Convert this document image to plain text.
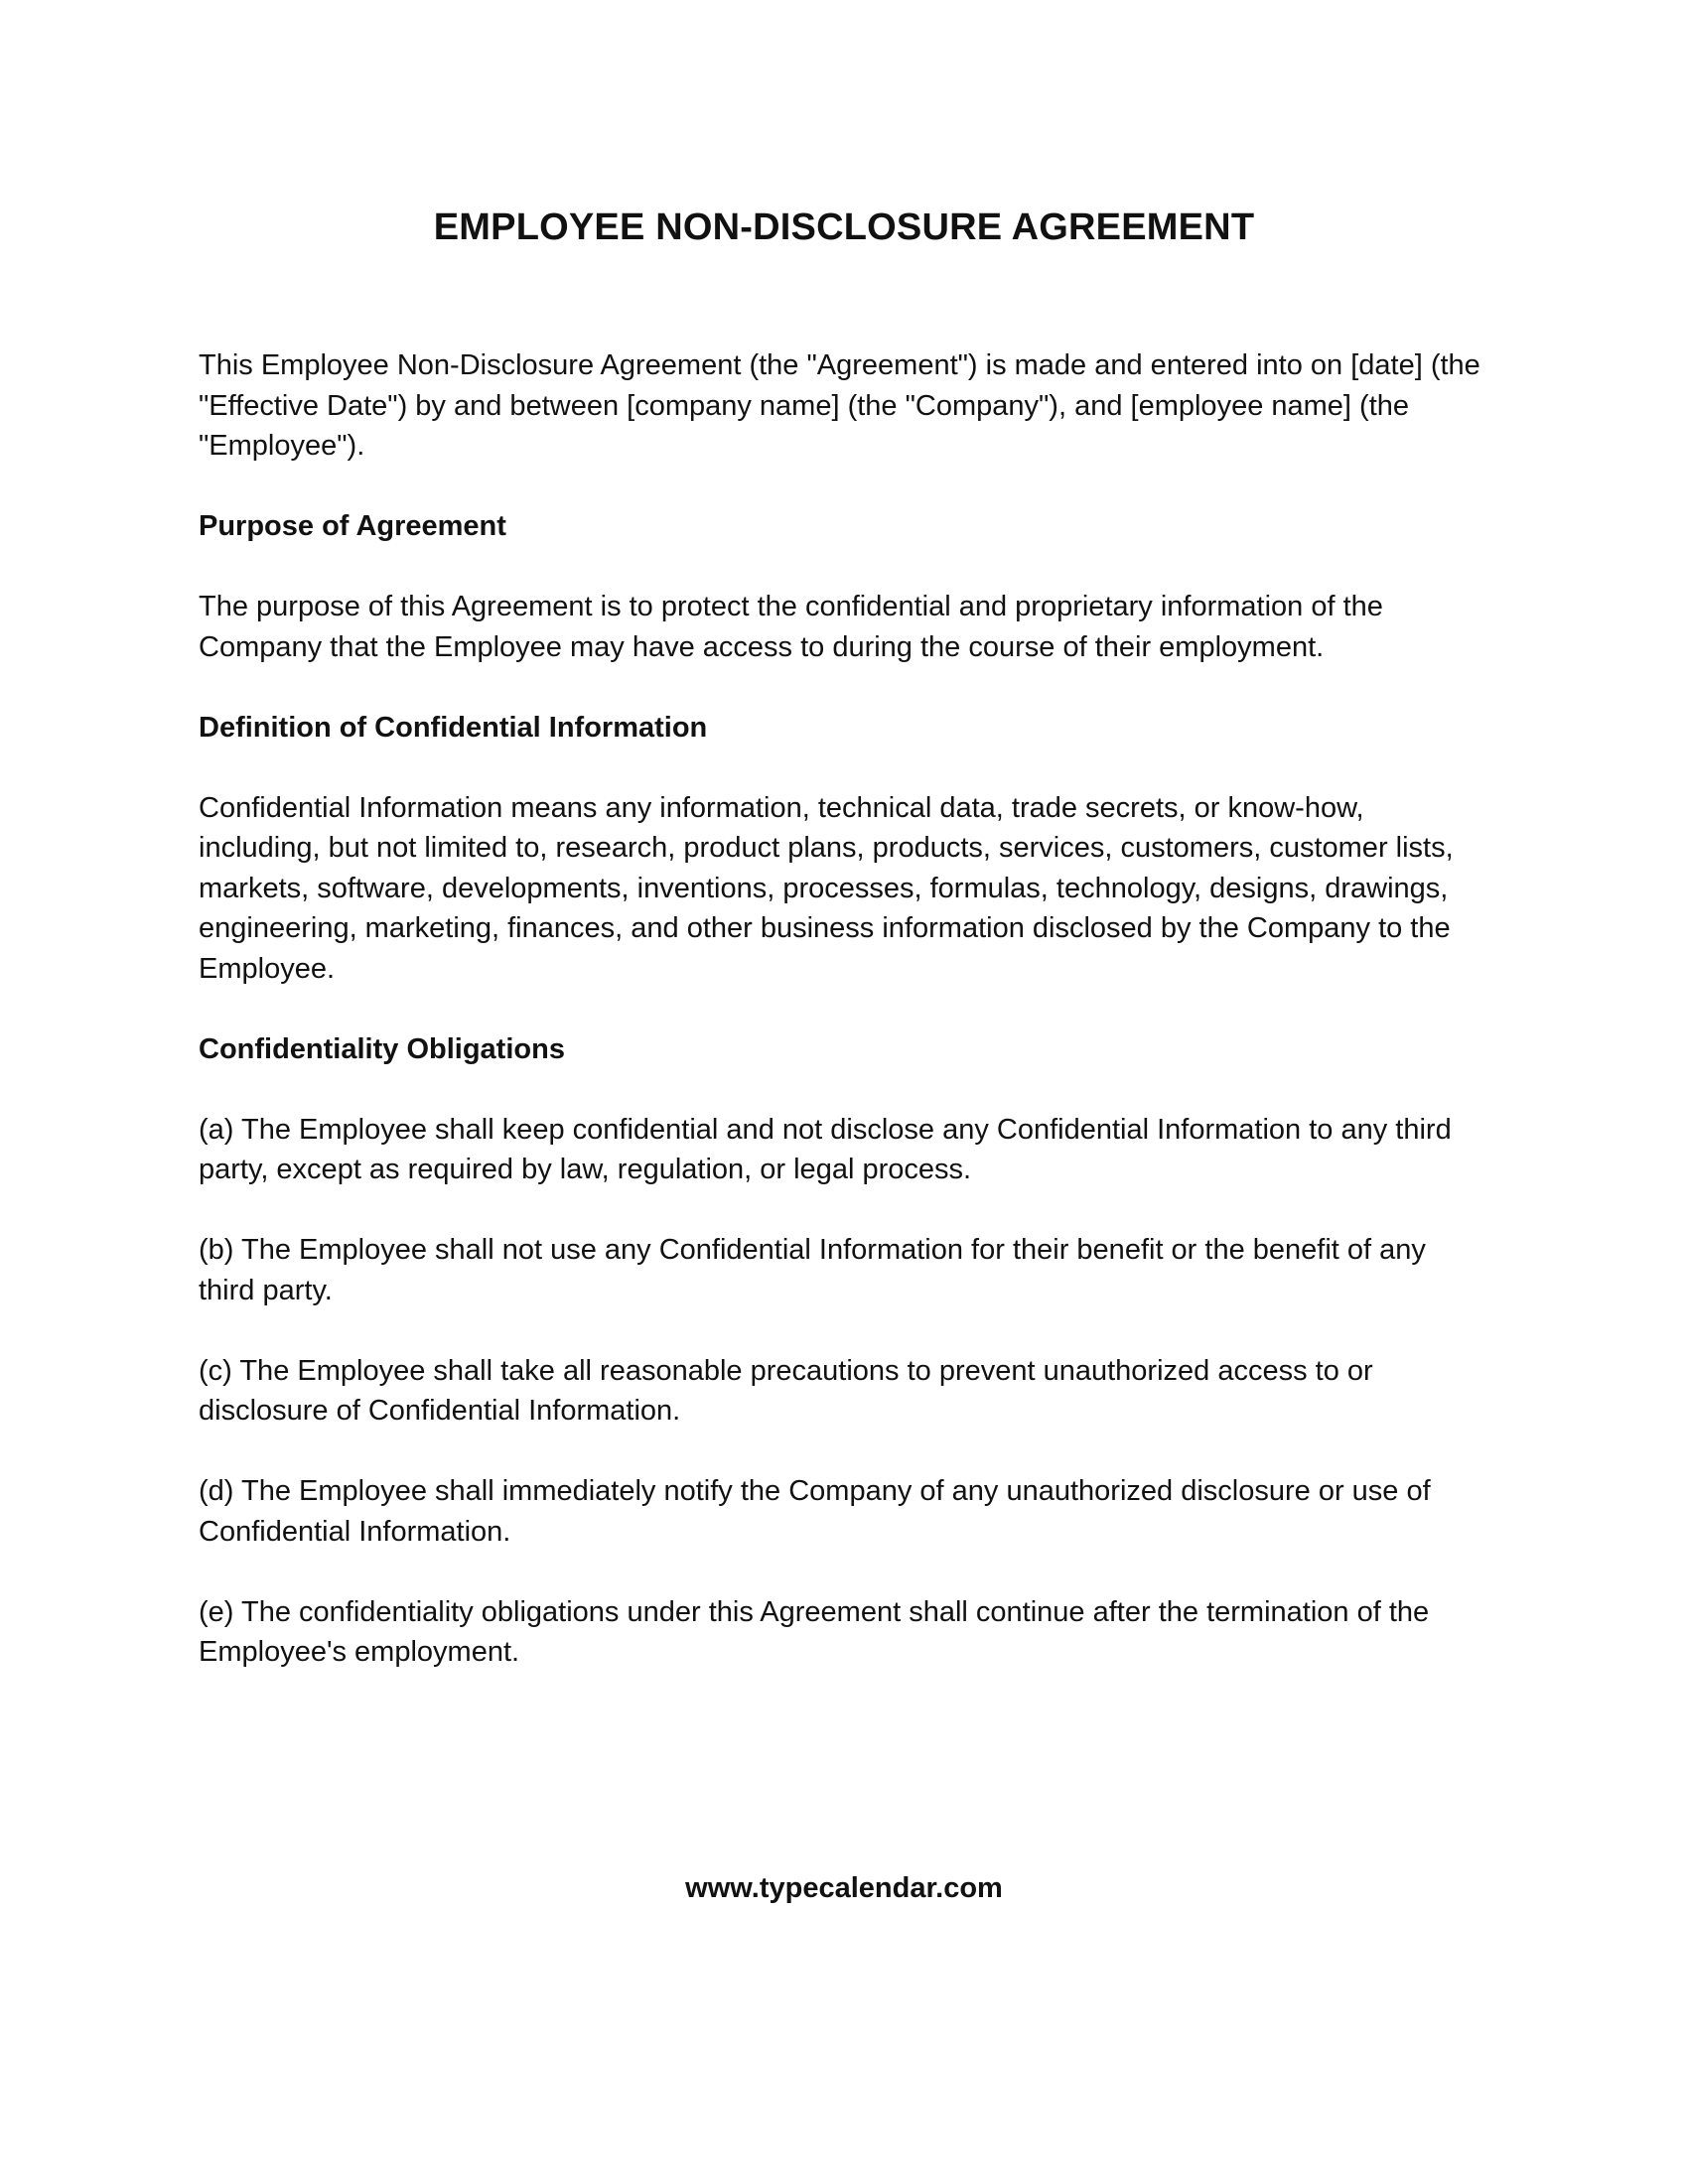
EMPLOYEE NON-DISCLOSURE AGREEMENT

This Employee Non-Disclosure Agreement (the "Agreement") is made and entered into on [date] (the "Effective Date") by and between [company name] (the "Company"), and [employee name] (the "Employee").

Purpose of Agreement

The purpose of this Agreement is to protect the confidential and proprietary information of the Company that the Employee may have access to during the course of their employment.

Definition of Confidential Information

Confidential Information means any information, technical data, trade secrets, or know-how, including, but not limited to, research, product plans, products, services, customers, customer lists, markets, software, developments, inventions, processes, formulas, technology, designs, drawings, engineering, marketing, finances, and other business information disclosed by the Company to the Employee.

Confidentiality Obligations

(a) The Employee shall keep confidential and not disclose any Confidential Information to any third party, except as required by law, regulation, or legal process.

(b) The Employee shall not use any Confidential Information for their benefit or the benefit of any third party.

(c) The Employee shall take all reasonable precautions to prevent unauthorized access to or disclosure of Confidential Information.

(d) The Employee shall immediately notify the Company of any unauthorized disclosure or use of Confidential Information.

(e) The confidentiality obligations under this Agreement shall continue after the termination of the Employee's employment.

www.typecalendar.com
